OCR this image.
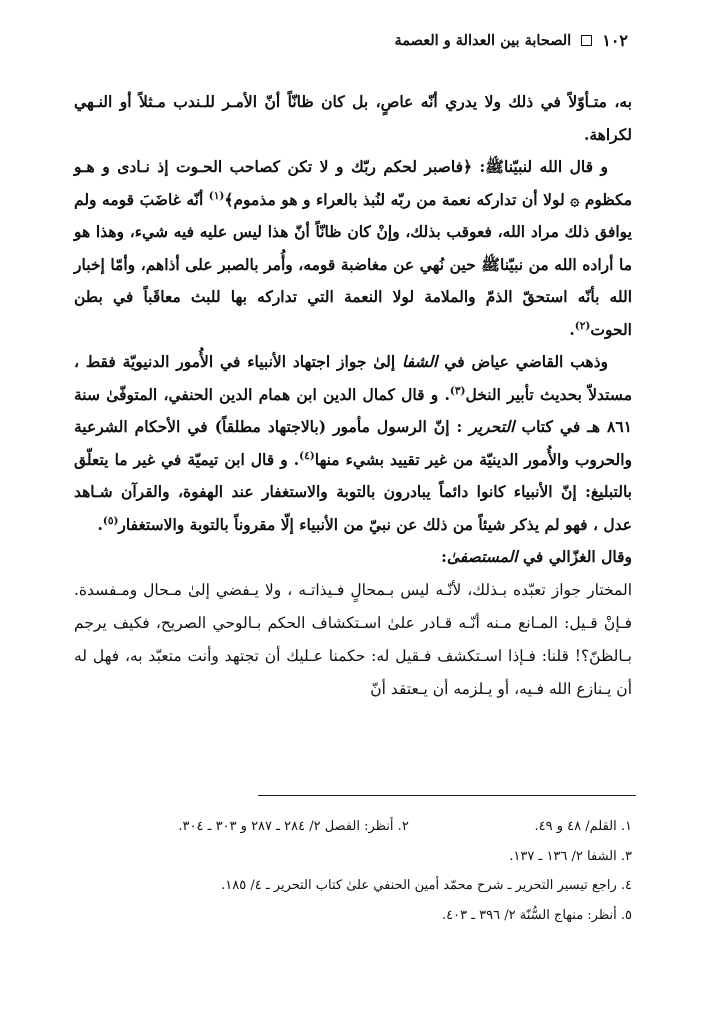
١٠٢
الصحابة بين العدالة و العصمة

به، متـأوّلاً في ذلك ولا يدري أنّه عاصٍ، بل كان ظانّاً أنّ الأمـر للـندب مـثلاً أو النـهي لكراهة.

و قال الله لنبيّنا‌ﷺ: ﴿فاصبر لحكم ربّك و لا تكن كصاحب الحـوت إذ نـادى و هـو مكظوم ۞ لولا أن تداركه نعمة من ربّه لنُبذ بالعراء و هو مذموم﴾$^{(١)}$ أنّه غاضَبَ قومه ولم يوافق ذلك مراد الله، فعوقب بذلك، وإنْ كان ظانّاً أنّ هذا ليس عليه فيه شيء، وهذا هو ما أراده الله من نبيّنا‌ﷺ حين نُهي عن مغاضبة قومه، وأُمر بالصبر على أذاهم، وأمّا إخبار الله بأنّه استحقّ الذمّ والملامة لولا النعمة التي تداركه بها للبث معاقَباً في بطن الحوت$^{(٢)}$.

وذهب القاضي عياض في الشفا إلىٰ جواز اجتهاد الأنبياء في الأُمور الدنيويّة فقط ، مستدلاّ بحديث تأبير النخل$^{(٣)}$. و قال كمال الدين ابن همام الدين الحنفي، المتوفّىٰ سنة ٨٦١ هـ في كتاب التحرير : إنّ الرسول مأمور (بالاجتهاد مطلقاً) في الأحكام الشرعية والحروب والأُمور الدينيّة من غير تقييد بشيء منها$^{(٤)}$. و قال ابن تيميّة في غير ما يتعلّق بالتبليغ: إنّ الأنبياء كانوا دائماً يبادرون بالتوبة والاستغفار عند الهفوة، والقرآن شـاهد عدل ، فهو لم يذكر شيئاً من ذلك عن نبيّ من الأنبياء إلّا مقروناً بالتوبة والاستغفار$^{(٥)}$.

وقال الغزّالي في المستصفىٰ:

المختار جواز تعبّده بـذلك، لأنّـه ليس بـمحالٍ فـيذاتـه ، ولا يـفضي إلىٰ مـحال ومـفسدة. فـإنْ قـيل: المـانع مـنه أنّـه قـادر علىٰ اسـتكشاف الحكم بـالوحي الصريح، فكيف يرجم بـالظنّ؟! قلنا: فـإذا اسـتكشف فـقيل له: حكمنا عـليك أن تجتهد وأنت متعبّد به، فهل له أن يـنازع الله فـيه، أو يـلزمه أن يـعتقد أنّ

١. القلم/ ٤٨ و ٤٩.
٢. أنظر: الفصل ٢/ ٢٨٤ ـ ٢٨٧ و ٣٠٣ ـ ٣٠٤.
٣. الشفا ٢/ ١٣٦ ـ ١٣٧.
٤. راجع تيسير التحرير ـ شرح محمّد أمين الحنفي علىٰ كتاب التحرير ـ ٤/ ١٨٥.
٥. أنظر: منهاج السُّنّة ٢/ ٣٩٦ ـ ٤٠٣.
